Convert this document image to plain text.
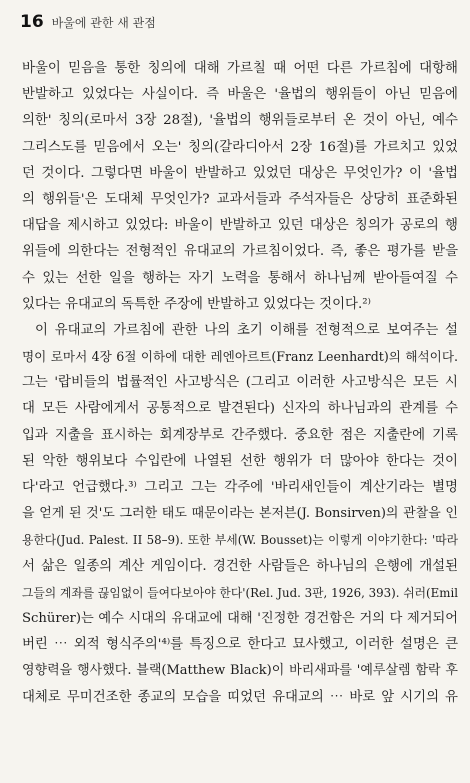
16 바울에 관한 새 관점
바울이 믿음을 통한 칭의에 대해 가르칠 때 어떤 다른 가르침에 대항해
반발하고 있었다는 사실이다. 즉 바울은 '율법의 행위들이 아닌 믿음에
의한' 칭의(로마서 3장 28절), '율법의 행위들로부터 온 것이 아닌, 예수
그리스도를 믿음에서 오는' 칭의(갈라디아서 2장 16절)를 가르치고 있었
던 것이다. 그렇다면 바울이 반발하고 있었던 대상은 무엇인가? 이 '율법
의 행위들'은 도대체 무엇인가? 교과서들과 주석자들은 상당히 표준화된
대답을 제시하고 있었다: 바울이 반발하고 있던 대상은 칭의가 공로의 행
위들에 의한다는 전형적인 유대교의 가르침이었다. 즉, 좋은 평가를 받을
수 있는 선한 일을 행하는 자기 노력을 통해서 하나님께 받아들여질 수
있다는 유대교의 독특한 주장에 반발하고 있었다는 것이다.²⁾
이 유대교의 가르침에 관한 나의 초기 이해를 전형적으로 보여주는 설
명이 로마서 4장 6절 이하에 대한 레엔아르트(Franz Leenhardt)의 해석이다.
그는 '랍비들의 법률적인 사고방식은 (그리고 이러한 사고방식은 모든 시
대 모든 사람에게서 공통적으로 발견된다) 신자의 하나님과의 관계를 수
입과 지출을 표시하는 회계장부로 간주했다. 중요한 점은 지출란에 기록
된 악한 행위보다 수입란에 나열된 선한 행위가 더 많아야 한다는 것이
다'라고 언급했다.³⁾ 그리고 그는 각주에 '바리새인들이 계산기라는 별명
을 얻게 된 것'도 그러한 태도 때문이라는 본저븐(J. Bonsirven)의 관찰을 인
용한다(Jud. Palest. II 58–9). 또한 부세(W. Bousset)는 이렇게 이야기한다: '따라
서 삶은 일종의 계산 게임이다. 경건한 사람들은 하나님의 은행에 개설된
그들의 계좌를 끊임없이 들여다보아야 한다'(Rel. Jud. 3판, 1926, 393). 쉬러(Emil
Schürer)는 예수 시대의 유대교에 대해 '진정한 경건함은 거의 다 제거되어
버린 ⋯ 외적 형식주의'⁴⁾를 특징으로 한다고 묘사했고, 이러한 설명은 큰
영향력을 행사했다. 블랙(Matthew Black)이 바리새파를 '예루살렘 함락 후
대체로 무미건조한 종교의 모습을 띠었던 유대교의 ⋯ 바로 앞 시기의 유
